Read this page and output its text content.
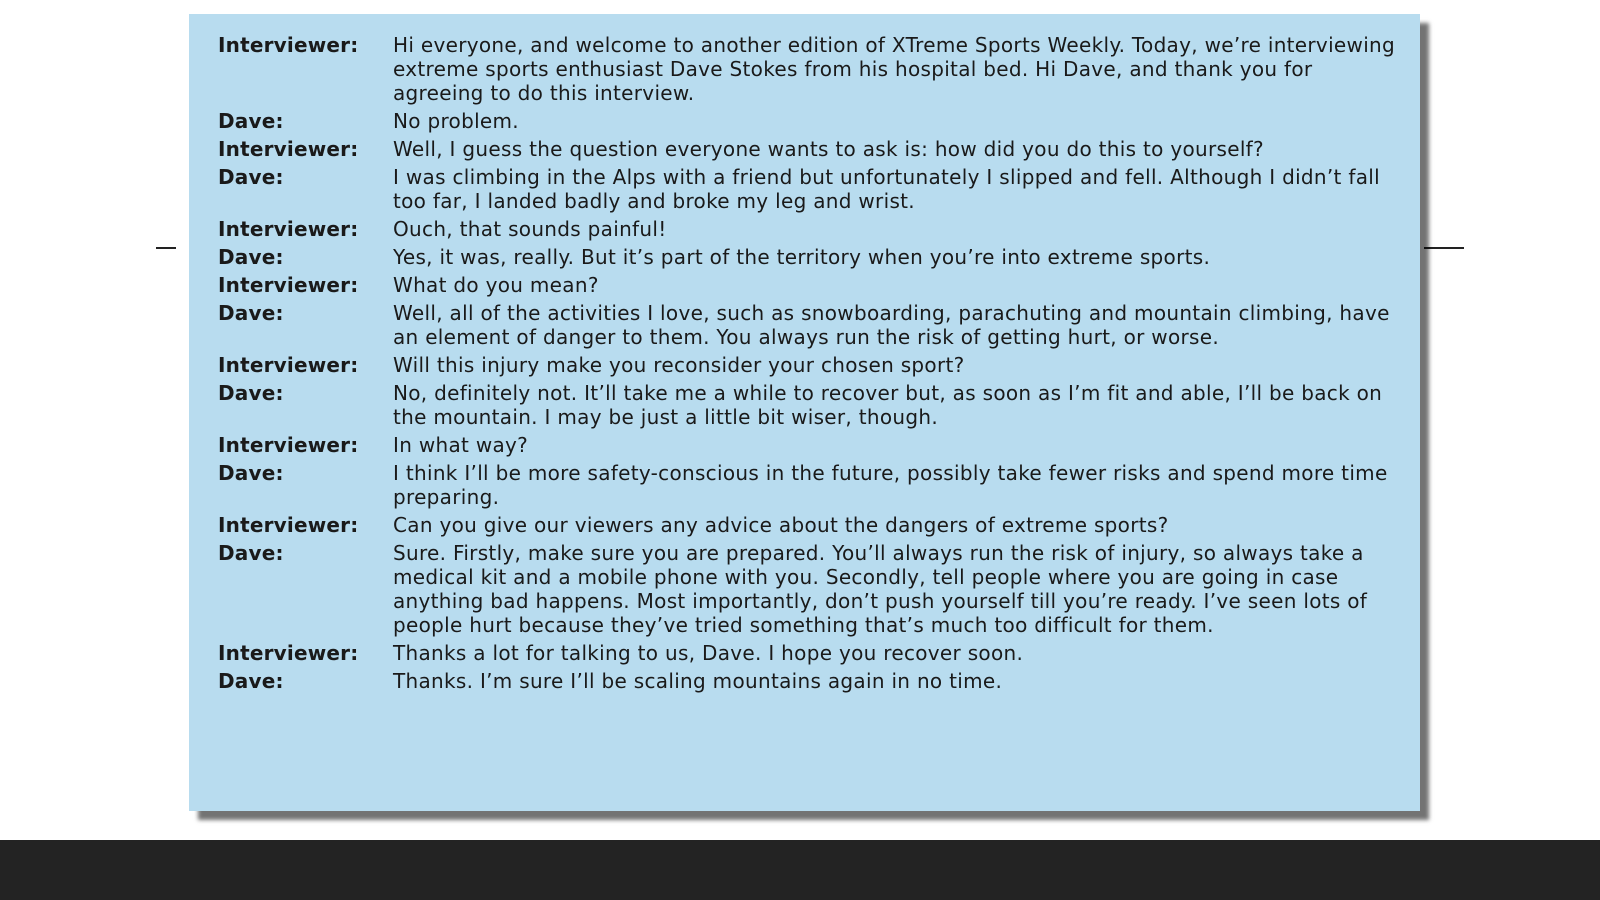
Interviewer:	Hi everyone, and welcome to another edition of XTreme Sports Weekly. Today, we’re interviewing extreme sports enthusiast Dave Stokes from his hospital bed. Hi Dave, and thank you for agreeing to do this interview.
Dave:	No problem.
Interviewer:	Well, I guess the question everyone wants to ask is: how did you do this to yourself?
Dave:	I was climbing in the Alps with a friend but unfortunately I slipped and fell. Although I didn’t fall too far, I landed badly and broke my leg and wrist.
Interviewer:	Ouch, that sounds painful!
Dave:	Yes, it was, really. But it’s part of the territory when you’re into extreme sports.
Interviewer:	What do you mean?
Dave:	Well, all of the activities I love, such as snowboarding, parachuting and mountain climbing, have an element of danger to them. You always run the risk of getting hurt, or worse.
Interviewer:	Will this injury make you reconsider your chosen sport?
Dave:	No, definitely not. It’ll take me a while to recover but, as soon as I’m fit and able, I’ll be back on the mountain. I may be just a little bit wiser, though.
Interviewer:	In what way?
Dave:	I think I’ll be more safety-conscious in the future, possibly take fewer risks and spend more time preparing.
Interviewer:	Can you give our viewers any advice about the dangers of extreme sports?
Dave:	Sure. Firstly, make sure you are prepared. You’ll always run the risk of injury, so always take a medical kit and a mobile phone with you. Secondly, tell people where you are going in case anything bad happens. Most importantly, don’t push yourself till you’re ready. I’ve seen lots of people hurt because they’ve tried something that’s much too difficult for them.
Interviewer:	Thanks a lot for talking to us, Dave. I hope you recover soon.
Dave:	Thanks. I’m sure I’ll be scaling mountains again in no time.
